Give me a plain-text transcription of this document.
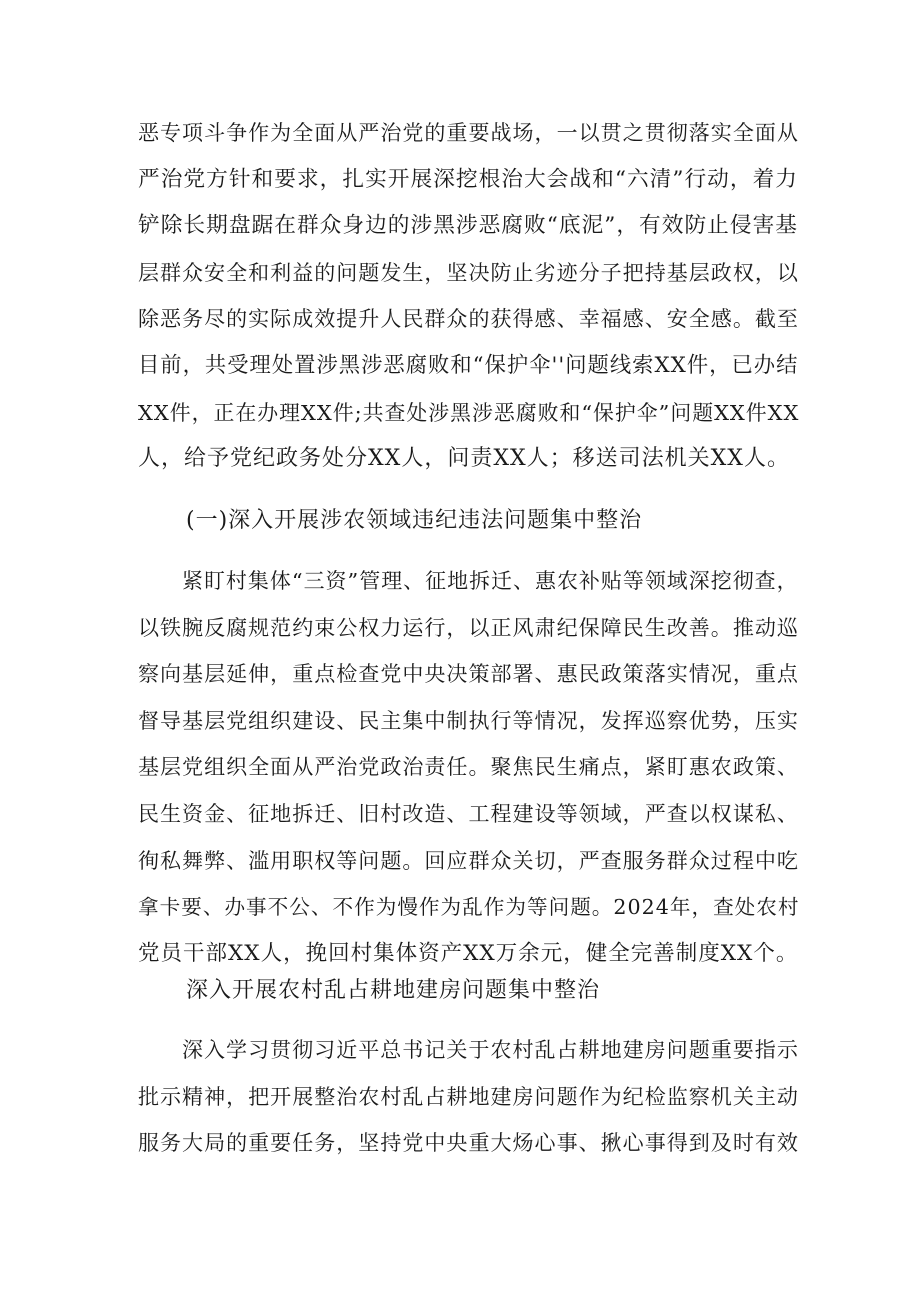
恶专项斗争作为全面从严治党的重要战场，一以贯之贯彻落实全面从
严治党方针和要求，扎实开展深挖根治大会战和“六清”行动，着力
铲除长期盘踞在群众身边的涉黑涉恶腐败“底泥”，有效防止侵害基
层群众安全和利益的问题发生，坚决防止劣迹分子把持基层政权，以
除恶务尽的实际成效提升人民群众的获得感、幸福感、安全感。截至
目前，共受理处置涉黑涉恶腐败和“保护伞''问题线索XX件，已办结
XX件，正在办理XX件;共查处涉黑涉恶腐败和“保护伞”问题XX件XX
人，给予党纪政务处分XX人，问责XX人；移送司法机关XX人。
(一)深入开展涉农领域违纪违法问题集中整治
紧盯村集体“三资”管理、征地拆迁、惠农补贴等领域深挖彻查，
以铁腕反腐规范约束公权力运行，以正风肃纪保障民生改善。推动巡
察向基层延伸，重点检查党中央决策部署、惠民政策落实情况，重点
督导基层党组织建设、民主集中制执行等情况，发挥巡察优势，压实
基层党组织全面从严治党政治责任。聚焦民生痛点，紧盯惠农政策、
民生资金、征地拆迁、旧村改造、工程建设等领域，严查以权谋私、
徇私舞弊、滥用职权等问题。回应群众关切，严查服务群众过程中吃
拿卡要、办事不公、不作为慢作为乱作为等问题。2024年，查处农村
党员干部XX人，挽回村集体资产XX万余元，健全完善制度XX个。
深入开展农村乱占耕地建房问题集中整治
深入学习贯彻习近平总书记关于农村乱占耕地建房问题重要指示
批示精神，把开展整治农村乱占耕地建房问题作为纪检监察机关主动
服务大局的重要任务，坚持党中央重大炀心事、揪心事得到及时有效
